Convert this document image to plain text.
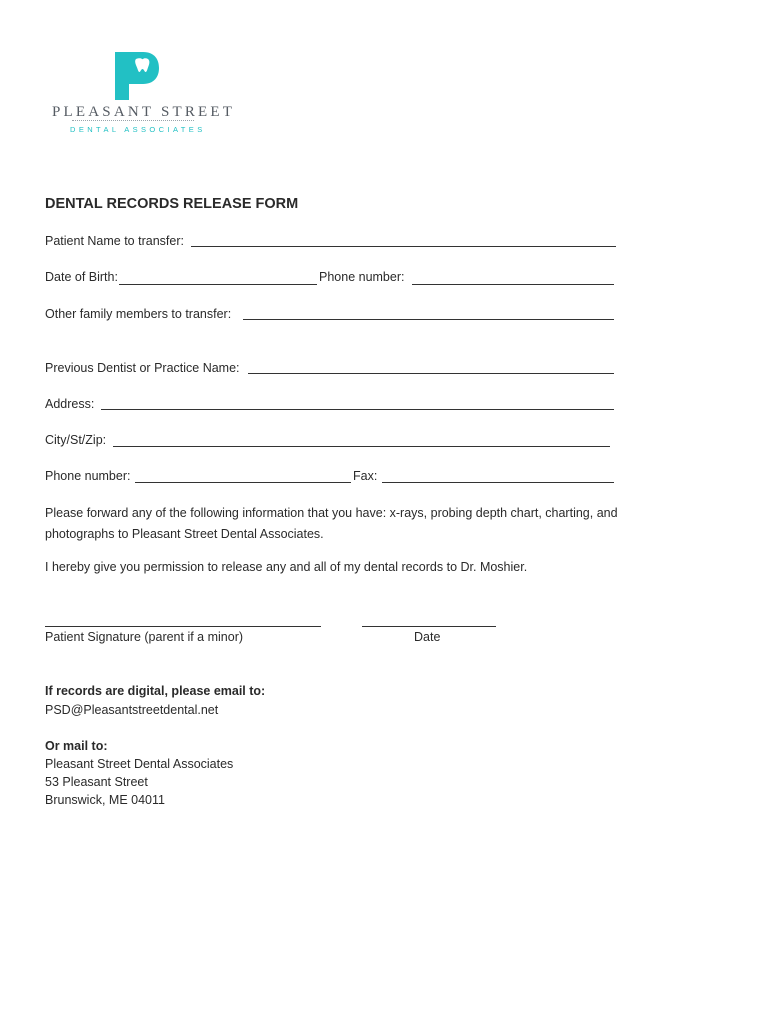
PLEASANT STREET
DENTAL ASSOCIATES
DENTAL RECORDS RELEASE FORM
Patient Name to transfer:
Date of Birth:	Phone number:
Other family members to transfer:
Previous Dentist or Practice Name:
Address:
City/St/Zip:
Phone number:	Fax:
Please forward any of the following information that you have: x-rays, probing depth chart, charting, and photographs to Pleasant Street Dental Associates.
I hereby give you permission to release any and all of my dental records to Dr. Moshier.
Patient Signature (parent if a minor)	Date
If records are digital, please email to:
PSD@Pleasantstreetdental.net
Or mail to:
Pleasant Street Dental Associates
53 Pleasant Street
Brunswick, ME 04011
